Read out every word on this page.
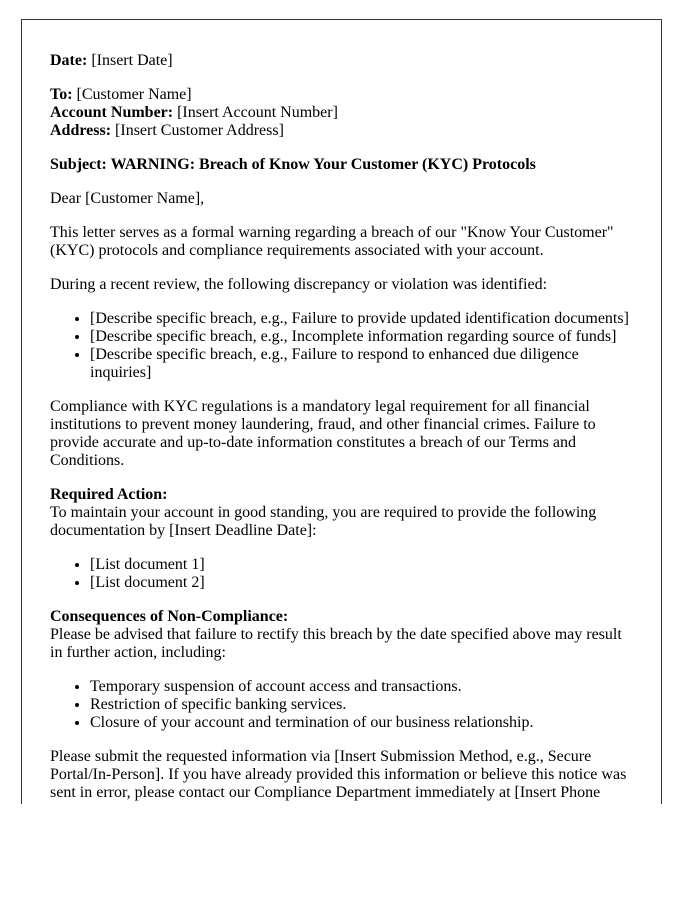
Date: [Insert Date]

To: [Customer Name]
Account Number: [Insert Account Number]
Address: [Insert Customer Address]

Subject: WARNING: Breach of Know Your Customer (KYC) Protocols

Dear [Customer Name],

This letter serves as a formal warning regarding a breach of our "Know Your Customer" (KYC) protocols and compliance requirements associated with your account.

During a recent review, the following discrepancy or violation was identified:

• [Describe specific breach, e.g., Failure to provide updated identification documents]
• [Describe specific breach, e.g., Incomplete information regarding source of funds]
• [Describe specific breach, e.g., Failure to respond to enhanced due diligence inquiries]

Compliance with KYC regulations is a mandatory legal requirement for all financial institutions to prevent money laundering, fraud, and other financial crimes. Failure to provide accurate and up-to-date information constitutes a breach of our Terms and Conditions.

Required Action:
To maintain your account in good standing, you are required to provide the following documentation by [Insert Deadline Date]:

• [List document 1]
• [List document 2]

Consequences of Non-Compliance:
Please be advised that failure to rectify this breach by the date specified above may result in further action, including:

• Temporary suspension of account access and transactions.
• Restriction of specific banking services.
• Closure of your account and termination of our business relationship.

Please submit the requested information via [Insert Submission Method, e.g., Secure Portal/In-Person]. If you have already provided this information or believe this notice was sent in error, please contact our Compliance Department immediately at [Insert Phone
